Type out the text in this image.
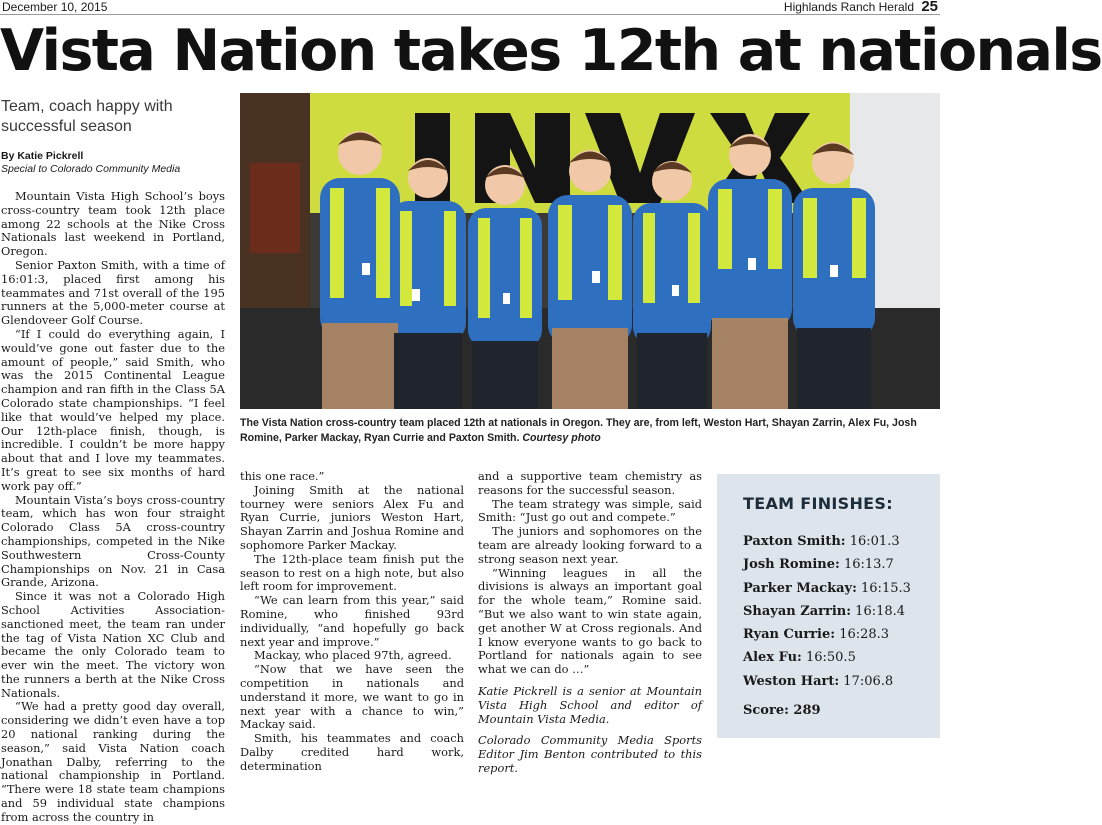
December 10, 2015	Highlands Ranch Herald 25
Vista Nation takes 12th at nationals
Team, coach happy with successful season
By Katie Pickrell
Special to Colorado Community Media

Mountain Vista High School’s boys cross-country team took 12th place among 22 schools at the Nike Cross Nationals last weekend in Portland, Oregon.

Senior Paxton Smith, with a time of 16:01:3, placed first among his teammates and 71st overall of the 195 runners at the 5,000-meter course at Glendoveer Golf Course.

“If I could do everything again, I would’ve gone out faster due to the amount of people,” said Smith, who was the 2015 Continental League champion and ran fifth in the Class 5A Colorado state championships. “I feel like that would’ve helped my place. Our 12th-place finish, though, is incredible. I couldn’t be more happy about that and I love my teammates. It’s great to see six months of hard work pay off.”

Mountain Vista’s boys cross-country team, which has won four straight Colorado Class 5A cross-country championships, competed in the Nike Southwestern Cross-County Championships on Nov. 21 in Casa Grande, Arizona.

Since it was not a Colorado High School Activities Association-sanctioned meet, the team ran under the tag of Vista Nation XC Club and became the only Colorado team to ever win the meet. The victory won the runners a berth at the Nike Cross Nationals.

“We had a pretty good day overall, considering we didn’t even have a top 20 national ranking during the season,” said Vista Nation coach Jonathan Dalby, referring to the national championship in Portland. “There were 18 state team champions and 59 individual state champions from across the country in

The Vista Nation cross-country team placed 12th at nationals in Oregon. They are, from left, Weston Hart, Shayan Zarrin, Alex Fu, Josh Romine, Parker Mackay, Ryan Currie and Paxton Smith. Courtesy photo

this one race.”

Joining Smith at the national tourney were seniors Alex Fu and Ryan Currie, juniors Weston Hart, Shayan Zarrin and Joshua Romine and sophomore Parker Mackay.

The 12th-place team finish put the season to rest on a high note, but also left room for improvement.

“We can learn from this year,” said Romine, who finished 93rd individually, “and hopefully go back next year and improve.”

Mackay, who placed 97th, agreed.

“Now that we have seen the competition in nationals and understand it more, we want to go in next year with a chance to win,” Mackay said.

Smith, his teammates and coach Dalby credited hard work, determination

and a supportive team chemistry as reasons for the successful season.

The team strategy was simple, said Smith: “Just go out and compete.”

The juniors and sophomores on the team are already looking forward to a strong season next year.

“Winning leagues in all the divisions is always an important goal for the whole team,” Romine said. “But we also want to win state again, get another W at Cross regionals. And I know everyone wants to go back to Portland for nationals again to see what we can do …”

Katie Pickrell is a senior at Mountain Vista High School and editor of Mountain Vista Media.

Colorado Community Media Sports Editor Jim Benton contributed to this report.

TEAM FINISHES:
Paxton Smith: 16:01.3
Josh Romine: 16:13.7
Parker Mackay: 16:15.3
Shayan Zarrin: 16:18.4
Ryan Currie: 16:28.3
Alex Fu: 16:50.5
Weston Hart: 17:06.8
Score: 289
